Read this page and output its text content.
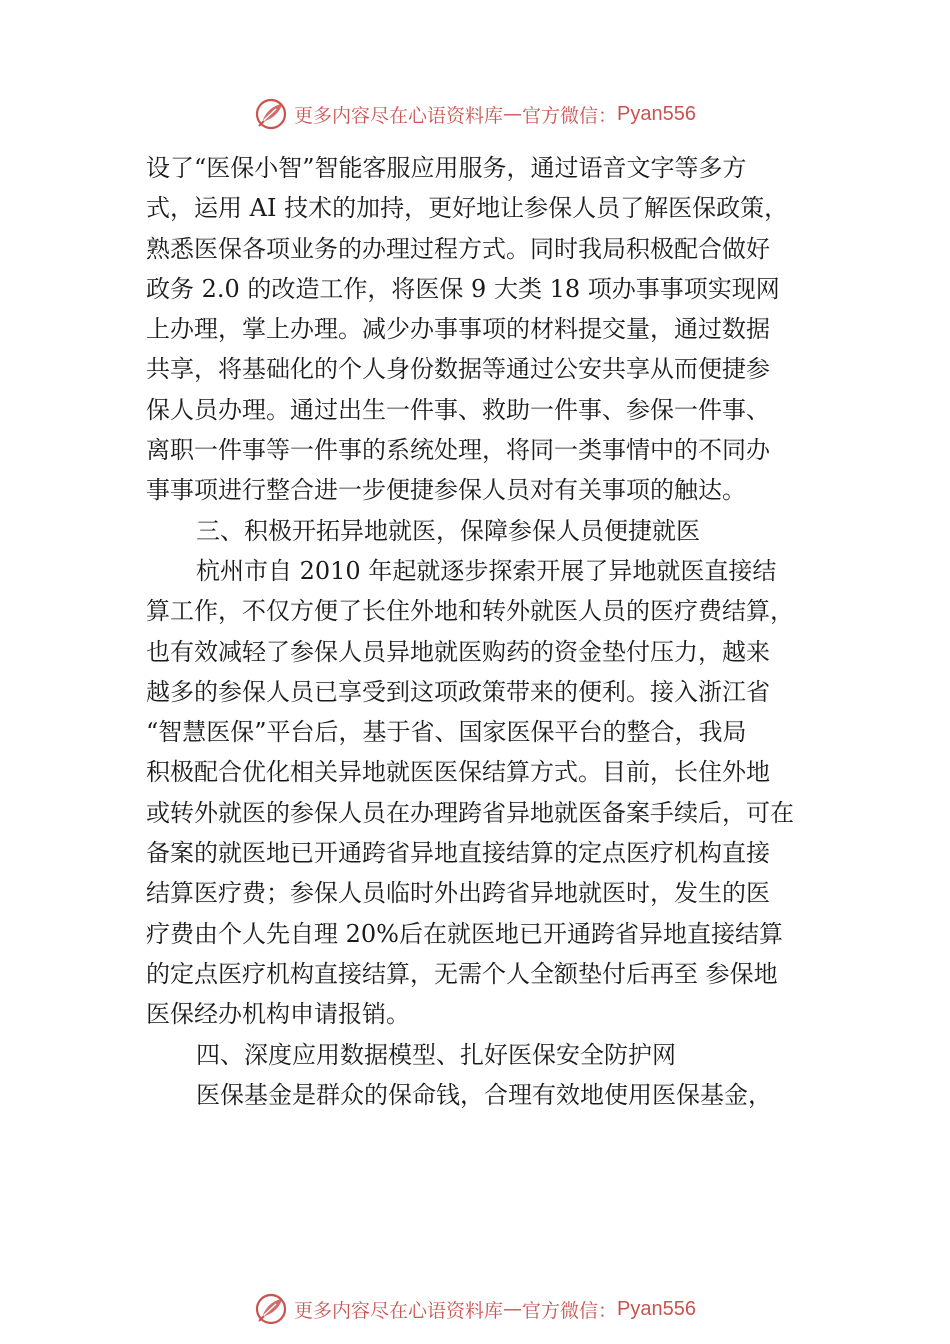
更多内容尽在心语资料库 — 官方微信： Pyan556
设了“医保小智”智能客服应用服务，通过语音文字等多方
式，运用 AI 技术的加持，更好地让参保人员了解医保政策，
熟悉医保各项业务的办理过程方式。同时我局积极配合做好
政务 2.0 的改造工作，将医保 9 大类 18 项办事事项实现网
上办理，掌上办理。减少办事事项的材料提交量，通过数据
共享，将基础化的个人身份数据等通过公安共享从而便捷参
保人员办理。通过出生一件事、救助一件事、参保一件事、
离职一件事等一件事的系统处理，将同一类事情中的不同办
事事项进行整合进一步便捷参保人员对有关事项的触达。
三、积极开拓异地就医，保障参保人员便捷就医
杭州市自 2010 年起就逐步探索开展了异地就医直接结
算工作，不仅方便了长住外地和转外就医人员的医疗费结算，
也有效减轻了参保人员异地就医购药的资金垫付压力，越来
越多的参保人员已享受到这项政策带来的便利。接入浙江省
“智慧医保”平台后，基于省、国家医保平台的整合，我局
积极配合优化相关异地就医医保结算方式。目前，长住外地
或转外就医的参保人员在办理跨省异地就医备案手续后，可在
备案的就医地已开通跨省异地直接结算的定点医疗机构直接
结算医疗费；参保人员临时外出跨省异地就医时，发生的医
疗费由个人先自理 20%后在就医地已开通跨省异地直接结算
的定点医疗机构直接结算，无需个人全额垫付后再至 参保地
医保经办机构申请报销。
四、深度应用数据模型、扎好医保安全防护网
医保基金是群众的保命钱，合理有效地使用医保基金，
更多内容尽在心语资料库 — 官方微信： Pyan556
